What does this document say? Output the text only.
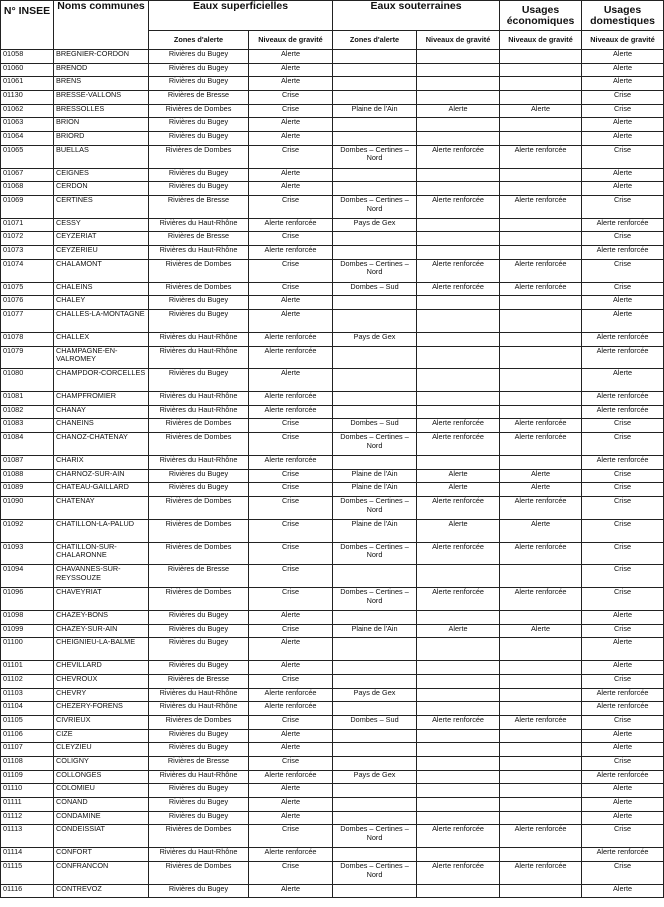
N° INSEE	Noms communes	Eaux superficielles		Eaux souterraines		Usages économiques	Usages domestiques
		Zones d'alerte	Niveaux de gravité	Zones d'alerte	Niveaux de gravité	Niveaux de gravité	Niveaux de gravité
01058	BREGNIER-CORDON	Rivières du Bugey	Alerte				Alerte
01060	BRENOD	Rivières du Bugey	Alerte				Alerte
01061	BRENS	Rivières du Bugey	Alerte				Alerte
01130	BRESSE-VALLONS	Rivières de Bresse	Crise				Crise
01062	BRESSOLLES	Rivières de Dombes	Crise	Plaine de l'Ain	Alerte	Alerte	Crise
01063	BRION	Rivières du Bugey	Alerte				Alerte
01064	BRIORD	Rivières du Bugey	Alerte				Alerte
01065	BUELLAS	Rivières de Dombes	Crise	Dombes – Certines – Nord	Alerte renforcée	Alerte renforcée	Crise
01067	CEIGNES	Rivières du Bugey	Alerte				Alerte
01068	CERDON	Rivières du Bugey	Alerte				Alerte
01069	CERTINES	Rivières de Bresse	Crise	Dombes – Certines – Nord	Alerte renforcée	Alerte renforcée	Crise
01071	CESSY	Rivières du Haut-Rhône	Alerte renforcée	Pays de Gex			Alerte renforcée
01072	CEYZERIAT	Rivières de Bresse	Crise				Crise
01073	CEYZERIEU	Rivières du Haut-Rhône	Alerte renforcée				Alerte renforcée
01074	CHALAMONT	Rivières de Dombes	Crise	Dombes – Certines – Nord	Alerte renforcée	Alerte renforcée	Crise
01075	CHALEINS	Rivières de Dombes	Crise	Dombes – Sud	Alerte renforcée	Alerte renforcée	Crise
01076	CHALEY	Rivières du Bugey	Alerte				Alerte
01077	CHALLES-LA-MONTAGNE	Rivières du Bugey	Alerte				Alerte
01078	CHALLEX	Rivières du Haut-Rhône	Alerte renforcée	Pays de Gex			Alerte renforcée
01079	CHAMPAGNE-EN-VALROMEY	Rivières du Haut-Rhône	Alerte renforcée				Alerte renforcée
01080	CHAMPDOR-CORCELLES	Rivières du Bugey	Alerte				Alerte
01081	CHAMPFROMIER	Rivières du Haut-Rhône	Alerte renforcée				Alerte renforcée
01082	CHANAY	Rivières du Haut-Rhône	Alerte renforcée				Alerte renforcée
01083	CHANEINS	Rivières de Dombes	Crise	Dombes – Sud	Alerte renforcée	Alerte renforcée	Crise
01084	CHANOZ-CHATENAY	Rivières de Dombes	Crise	Dombes – Certines – Nord	Alerte renforcée	Alerte renforcée	Crise
01087	CHARIX	Rivières du Haut-Rhône	Alerte renforcée				Alerte renforcée
01088	CHARNOZ-SUR-AIN	Rivières du Bugey	Crise	Plaine de l'Ain	Alerte	Alerte	Crise
01089	CHATEAU-GAILLARD	Rivières du Bugey	Crise	Plaine de l'Ain	Alerte	Alerte	Crise
01090	CHATENAY	Rivières de Dombes	Crise	Dombes – Certines – Nord	Alerte renforcée	Alerte renforcée	Crise
01092	CHATILLON-LA-PALUD	Rivières de Dombes	Crise	Plaine de l'Ain	Alerte	Alerte	Crise
01093	CHATILLON-SUR-CHALARONNE	Rivières de Dombes	Crise	Dombes – Certines – Nord	Alerte renforcée	Alerte renforcée	Crise
01094	CHAVANNES-SUR-REYSSOUZE	Rivières de Bresse	Crise				Crise
01096	CHAVEYRIAT	Rivières de Dombes	Crise	Dombes – Certines – Nord	Alerte renforcée	Alerte renforcée	Crise
01098	CHAZEY-BONS	Rivières du Bugey	Alerte				Alerte
01099	CHAZEY-SUR-AIN	Rivières du Bugey	Crise	Plaine de l'Ain	Alerte	Alerte	Crise
01100	CHEIGNIEU-LA-BALME	Rivières du Bugey	Alerte				Alerte
01101	CHEVILLARD	Rivières du Bugey	Alerte				Alerte
01102	CHEVROUX	Rivières de Bresse	Crise				Crise
01103	CHEVRY	Rivières du Haut-Rhône	Alerte renforcée	Pays de Gex			Alerte renforcée
01104	CHEZERY-FORENS	Rivières du Haut-Rhône	Alerte renforcée				Alerte renforcée
01105	CIVRIEUX	Rivières de Dombes	Crise	Dombes – Sud	Alerte renforcée	Alerte renforcée	Crise
01106	CIZE	Rivières du Bugey	Alerte				Alerte
01107	CLEYZIEU	Rivières du Bugey	Alerte				Alerte
01108	COLIGNY	Rivières de Bresse	Crise				Crise
01109	COLLONGES	Rivières du Haut-Rhône	Alerte renforcée	Pays de Gex			Alerte renforcée
01110	COLOMIEU	Rivières du Bugey	Alerte				Alerte
01111	CONAND	Rivières du Bugey	Alerte				Alerte
01112	CONDAMINE	Rivières du Bugey	Alerte				Alerte
01113	CONDEISSIAT	Rivières de Dombes	Crise	Dombes – Certines – Nord	Alerte renforcée	Alerte renforcée	Crise
01114	CONFORT	Rivières du Haut-Rhône	Alerte renforcée				Alerte renforcée
01115	CONFRANCON	Rivières de Dombes	Crise	Dombes – Certines – Nord	Alerte renforcée	Alerte renforcée	Crise
01116	CONTREVOZ	Rivières du Bugey	Alerte				Alerte
